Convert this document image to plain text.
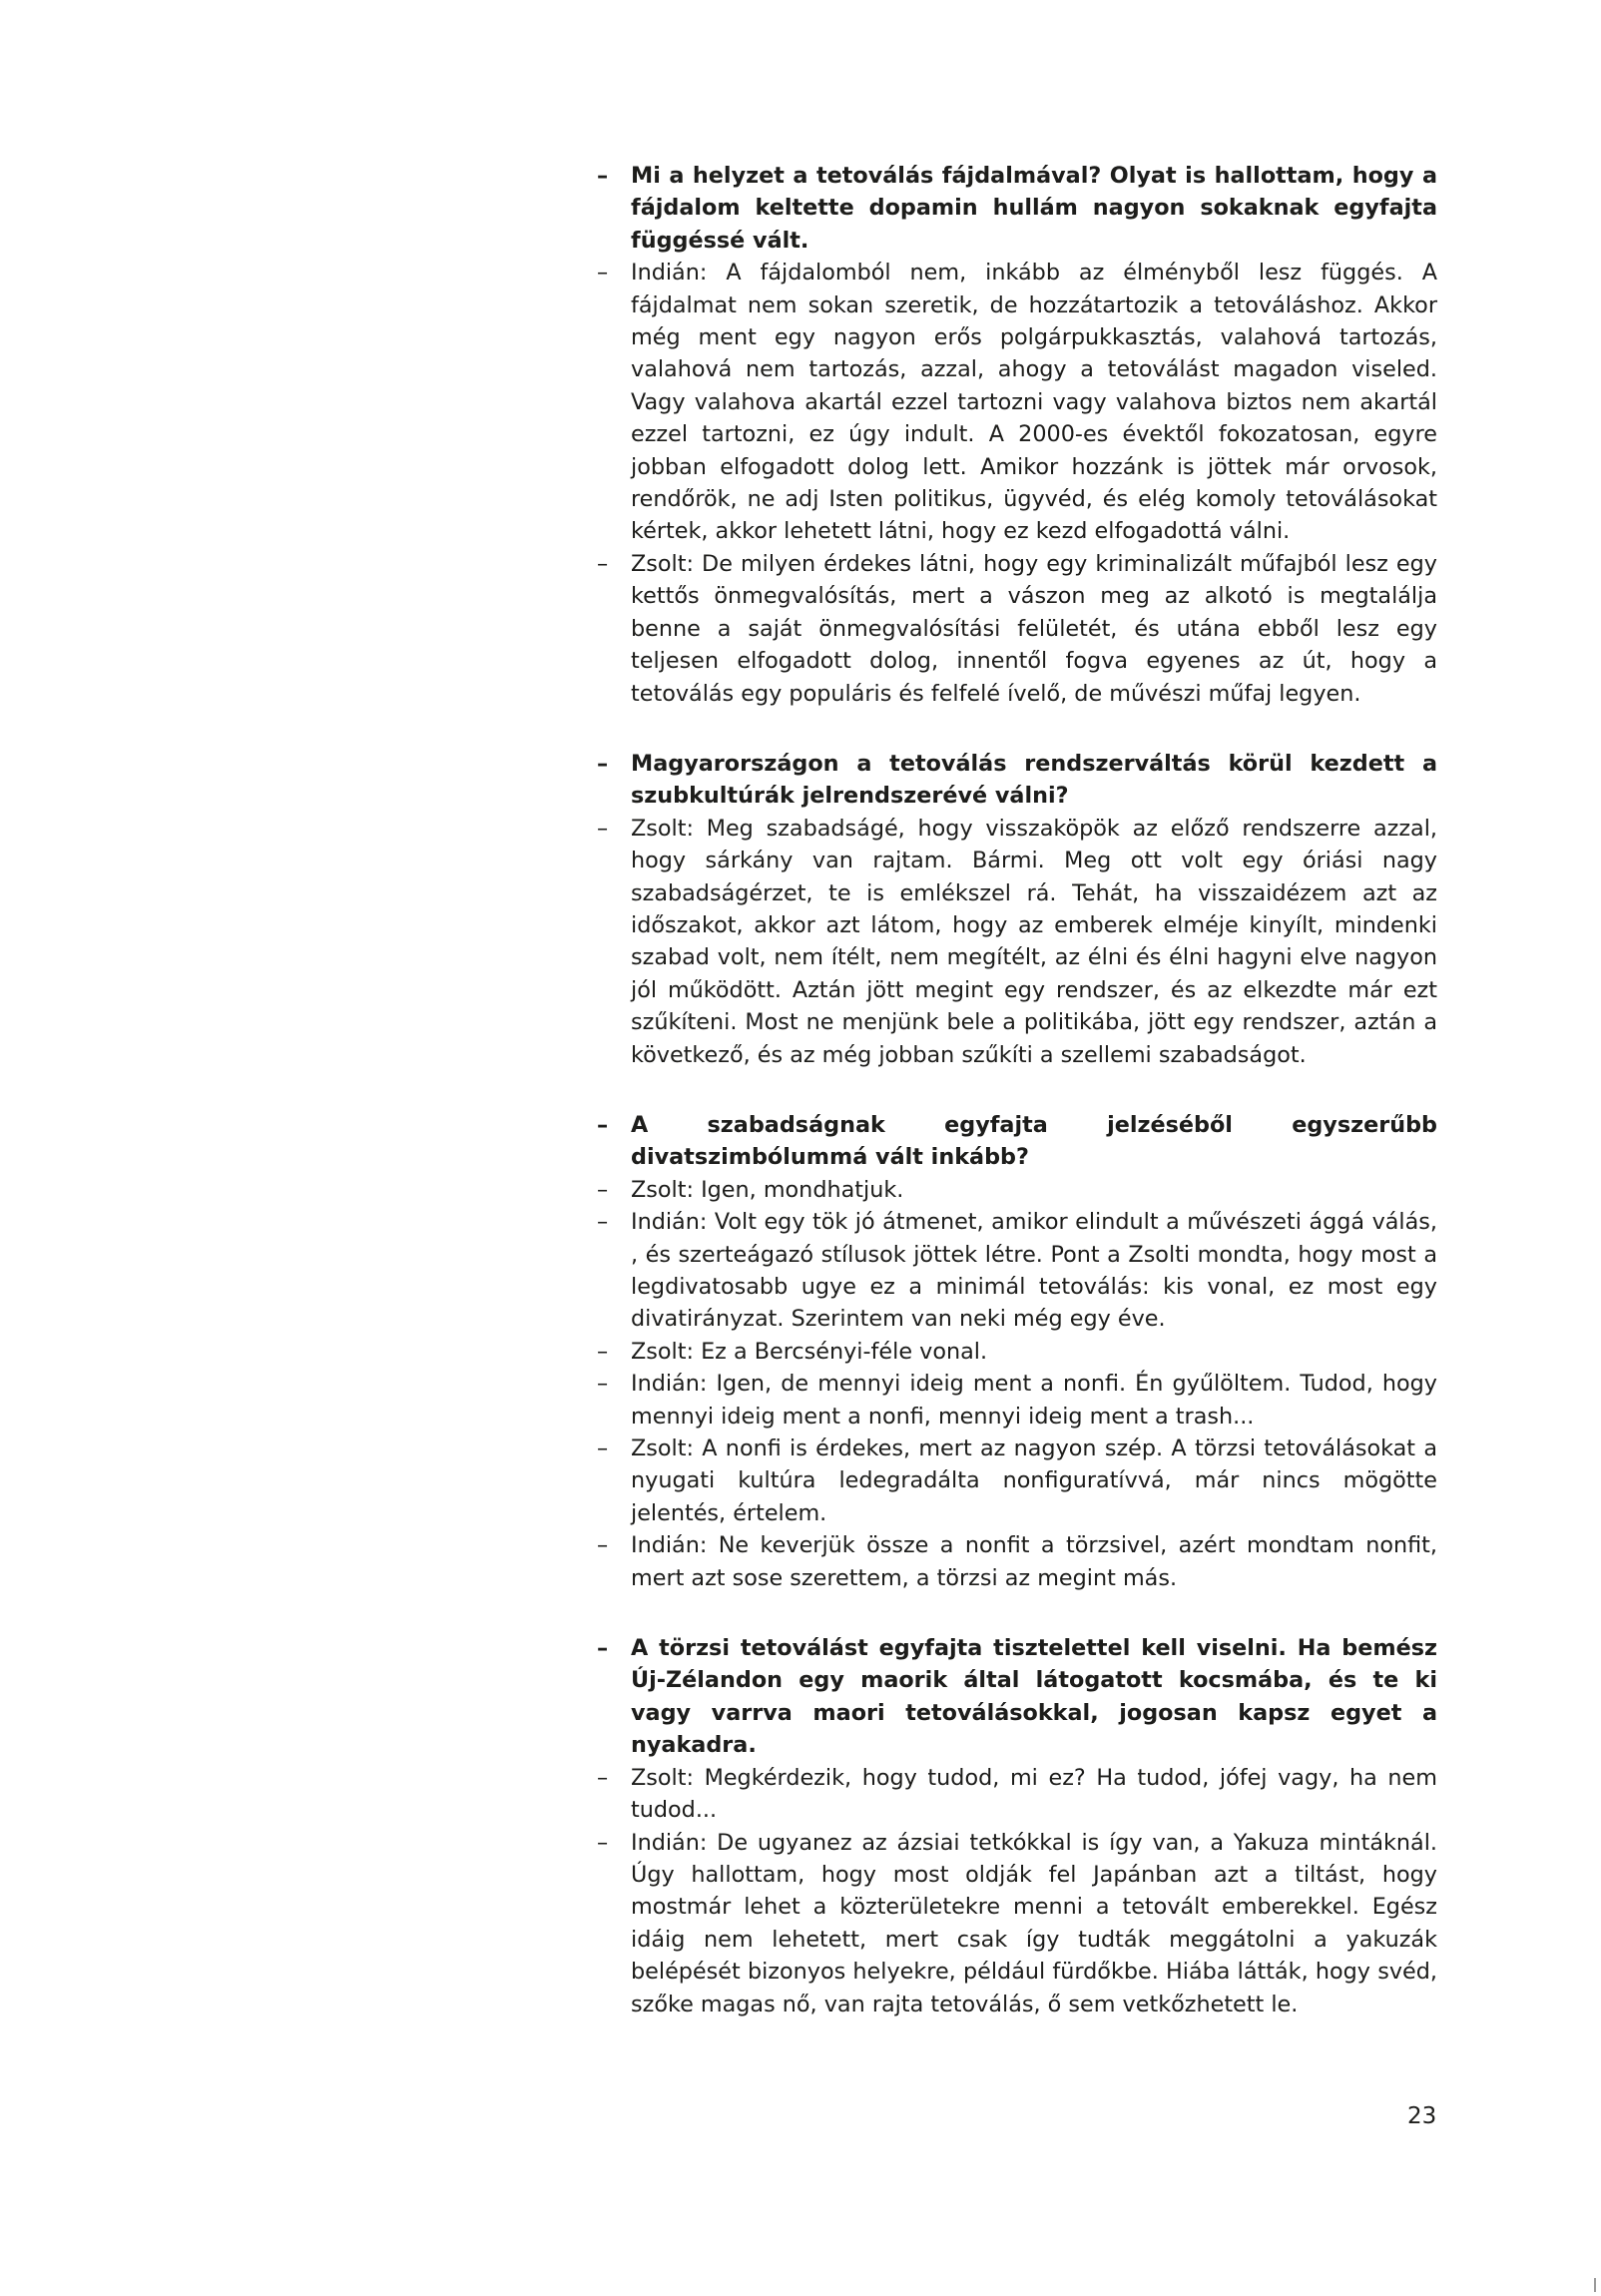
–	Mi a helyzet a tetoválás fájdalmával? Olyat is hallottam, hogy a fájdalom keltette dopamin hullám nagyon sokaknak egyfajta függéssé vált.
–	Indián: A fájdalomból nem, inkább az élményből lesz függés. A fájdalmat nem sokan szeretik, de hozzátartozik a tetováláshoz. Akkor még ment egy nagyon erős polgárpukkasztás, valahová tartozás, valahová nem tartozás, azzal, ahogy a tetoválást magadon viseled. Vagy valahova akartál ezzel tartozni vagy valahova biztos nem akartál ezzel tartozni, ez úgy indult. A 2000-es évektől fokozatosan, egyre jobban elfogadott dolog lett. Amikor hozzánk is jöttek már orvosok, rendőrök, ne adj Isten politikus, ügyvéd, és elég komoly tetoválásokat kértek, akkor lehetett látni, hogy ez kezd elfogadottá válni.
–	Zsolt: De milyen érdekes látni, hogy egy kriminalizált műfajból lesz egy kettős önmegvalósítás, mert a vászon meg az alkotó is megtalálja benne a saját önmegvalósítási felületét, és utána ebből lesz egy teljesen elfogadott dolog, innentől fogva egyenes az út, hogy a tetoválás egy populáris és felfelé ívelő, de művészi műfaj legyen.
–	Magyarországon a tetoválás rendszerváltás körül kezdett a szubkultúrák jelrendszerévé válni?
–	Zsolt: Meg szabadságé, hogy visszaköpök az előző rendszerre azzal, hogy sárkány van rajtam. Bármi. Meg ott volt egy óriási nagy szabadságérzet, te is emlékszel rá. Tehát, ha visszaidézem azt az időszakot, akkor azt látom, hogy az emberek elméje kinyílt, mindenki szabad volt, nem ítélt, nem megítélt, az élni és élni hagyni elve nagyon jól működött. Aztán jött megint egy rendszer, és az elkezdte már ezt szűkíteni. Most ne menjünk bele a politikába, jött egy rendszer, aztán a következő, és az még jobban szűkíti a szellemi szabadságot.
–	A szabadságnak egyfajta jelzéséből egyszerűbb divatszimbólummá vált inkább?
–	Zsolt: Igen, mondhatjuk.
–	Indián: Volt egy tök jó átmenet, amikor elindult a művészeti ággá válás, , és szerteágazó stílusok jöttek létre. Pont a Zsolti mondta, hogy most a legdivatosabb ugye ez a minimál tetoválás: kis vonal, ez most egy divatirányzat. Szerintem van neki még egy éve.
–	Zsolt: Ez a Bercsényi-féle vonal.
–	Indián: Igen, de mennyi ideig ment a nonfi. Én gyűlöltem. Tudod, hogy mennyi ideig ment a nonfi, mennyi ideig ment a trash...
–	Zsolt: A nonfi is érdekes, mert az nagyon szép. A törzsi tetoválásokat a nyugati kultúra ledegradálta nonfiguratívvá, már nincs mögötte jelentés, értelem.
–	Indián: Ne keverjük össze a nonfit a törzsivel, azért mondtam nonfit, mert azt sose szerettem, a törzsi az megint más.
–	A törzsi tetoválást egyfajta tisztelettel kell viselni. Ha bemész Új-Zélandon egy maorik által látogatott kocsmába, és te ki vagy varrva maori tetoválásokkal, jogosan kapsz egyet a nyakadra.
–	Zsolt: Megkérdezik, hogy tudod, mi ez? Ha tudod, jófej vagy, ha nem tudod...
–	Indián: De ugyanez az ázsiai tetkókkal is így van, a Yakuza mintáknál. Úgy hallottam, hogy most oldják fel Japánban azt a tiltást, hogy mostmár lehet a közterületekre menni a tetovált emberekkel. Egész idáig nem lehetett, mert csak így tudták meggátolni a yakuzák belépését bizonyos helyekre, például fürdőkbe. Hiába látták, hogy svéd, szőke magas nő, van rajta tetoválás, ő sem vetkőzhetett le.
23
